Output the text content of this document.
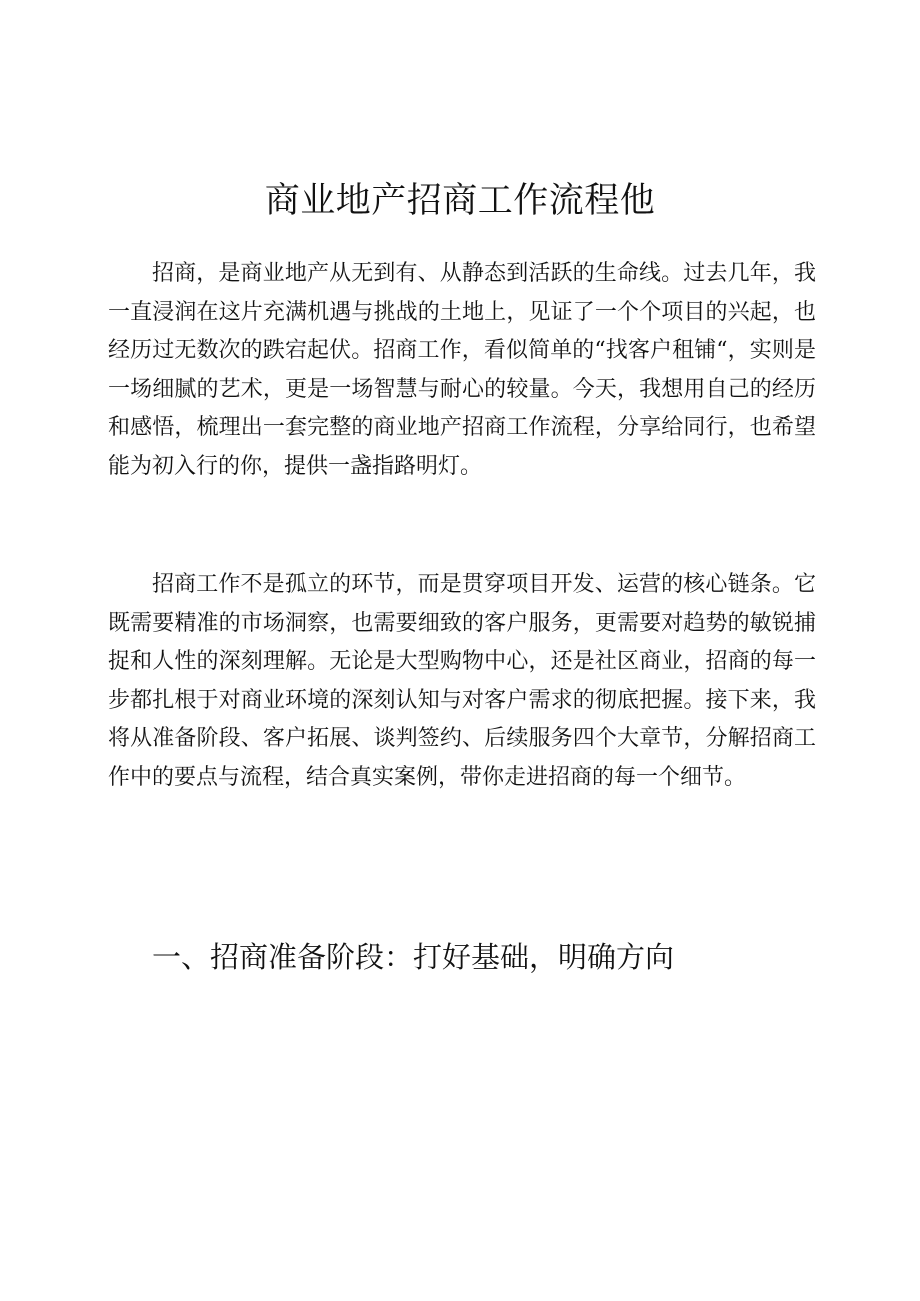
商业地产招商工作流程他

招商，是商业地产从无到有、从静态到活跃的生命线。过去几年，我一直浸润在这片充满机遇与挑战的土地上，见证了一个个项目的兴起，也经历过无数次的跌宕起伏。招商工作，看似简单的“找客户租铺“，实则是一场细腻的艺术，更是一场智慧与耐心的较量。今天，我想用自己的经历和感悟，梳理出一套完整的商业地产招商工作流程，分享给同行，也希望能为初入行的你，提供一盏指路明灯。

招商工作不是孤立的环节，而是贯穿项目开发、运营的核心链条。它既需要精准的市场洞察，也需要细致的客户服务，更需要对趋势的敏锐捕捉和人性的深刻理解。无论是大型购物中心，还是社区商业，招商的每一步都扎根于对商业环境的深刻认知与对客户需求的彻底把握。接下来，我将从准备阶段、客户拓展、谈判签约、后续服务四个大章节，分解招商工作中的要点与流程，结合真实案例，带你走进招商的每一个细节。

一、招商准备阶段：打好基础，明确方向
